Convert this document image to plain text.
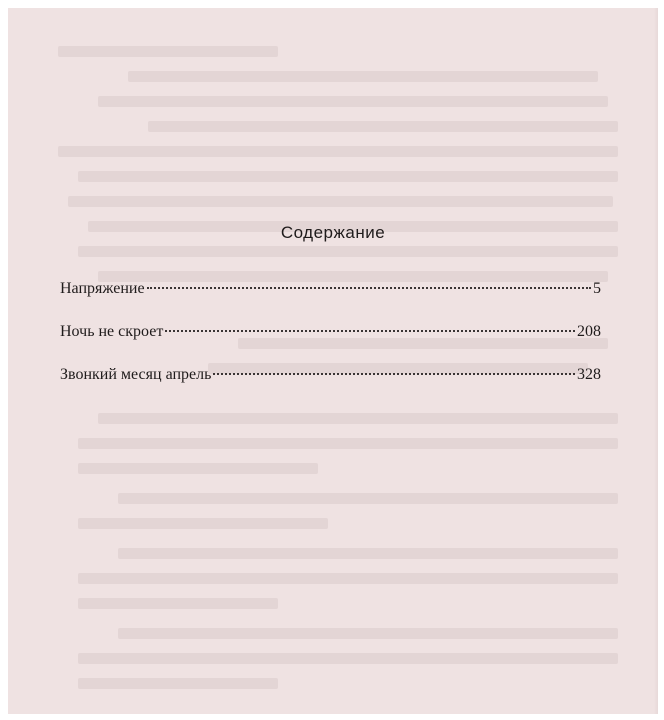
Содержание
Напряжение	5
Ночь не скроет	208
Звонкий месяц апрель	328
